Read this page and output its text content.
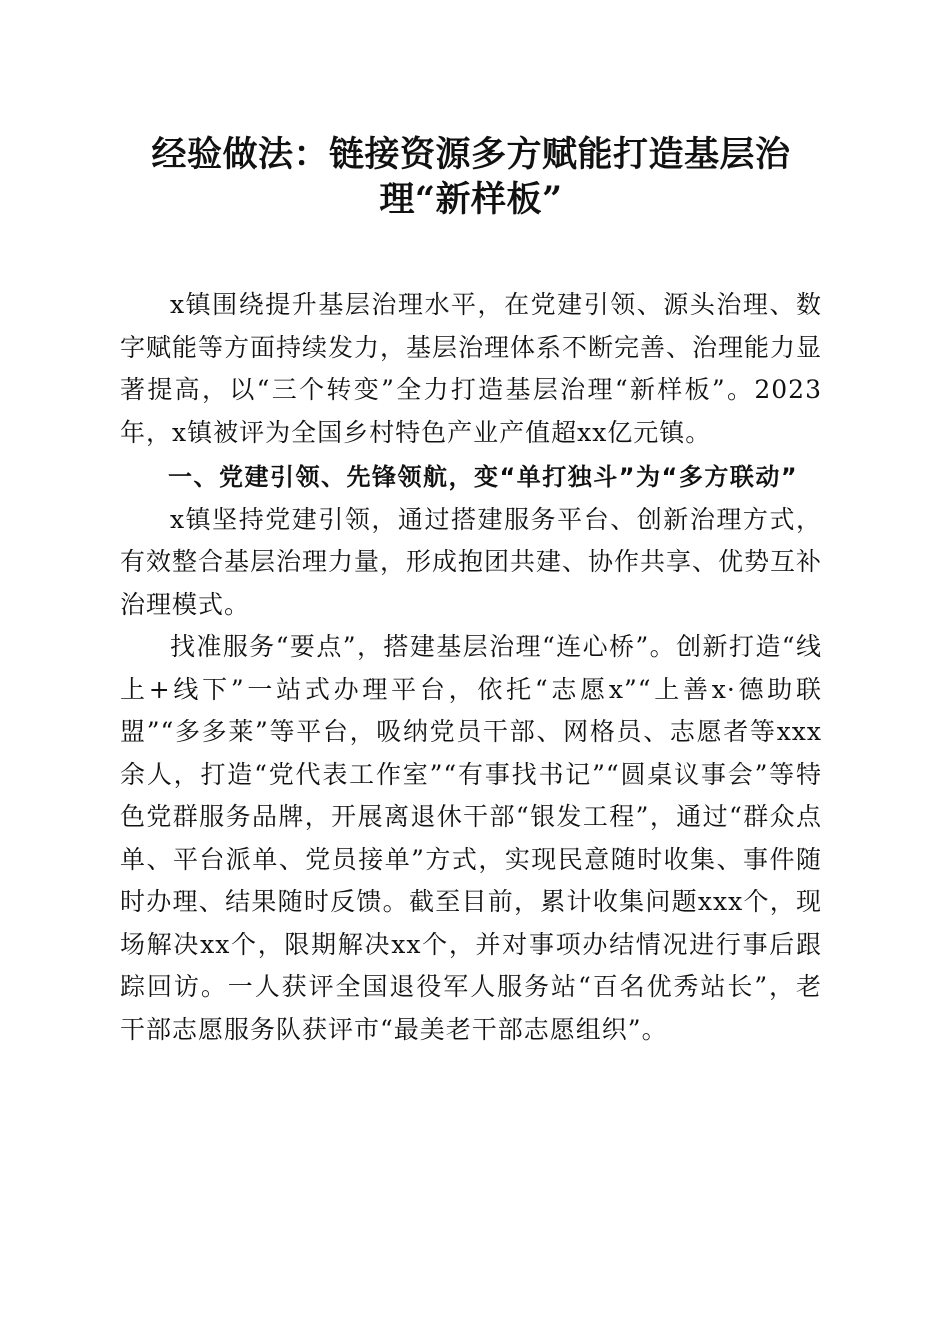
经验做法：链接资源多方赋能打造基层治
理“新样板”

x镇围绕提升基层治理水平，在党建引领、源头治理、数字赋能等方面持续发力，基层治理体系不断完善、治理能力显著提高，以“三个转变”全力打造基层治理“新样板”。2023年，x镇被评为全国乡村特色产业产值超xx亿元镇。

一、党建引领、先锋领航，变“单打独斗”为“多方联动”

x镇坚持党建引领，通过搭建服务平台、创新治理方式，有效整合基层治理力量，形成抱团共建、协作共享、优势互补治理模式。

找准服务“要点”，搭建基层治理“连心桥”。创新打造“线上+线下”一站式办理平台，依托“志愿x”“上善x·德助联盟”“多多莱”等平台，吸纳党员干部、网格员、志愿者等xxx余人，打造“党代表工作室”“有事找书记”“圆桌议事会”等特色党群服务品牌，开展离退休干部“银发工程”，通过“群众点单、平台派单、党员接单”方式，实现民意随时收集、事件随时办理、结果随时反馈。截至目前，累计收集问题xxx个，现场解决xx个，限期解决xx个，并对事项办结情况进行事后跟踪回访。一人获评全国退役军人服务站“百名优秀站长”，老干部志愿服务队获评市“最美老干部志愿组织”。
